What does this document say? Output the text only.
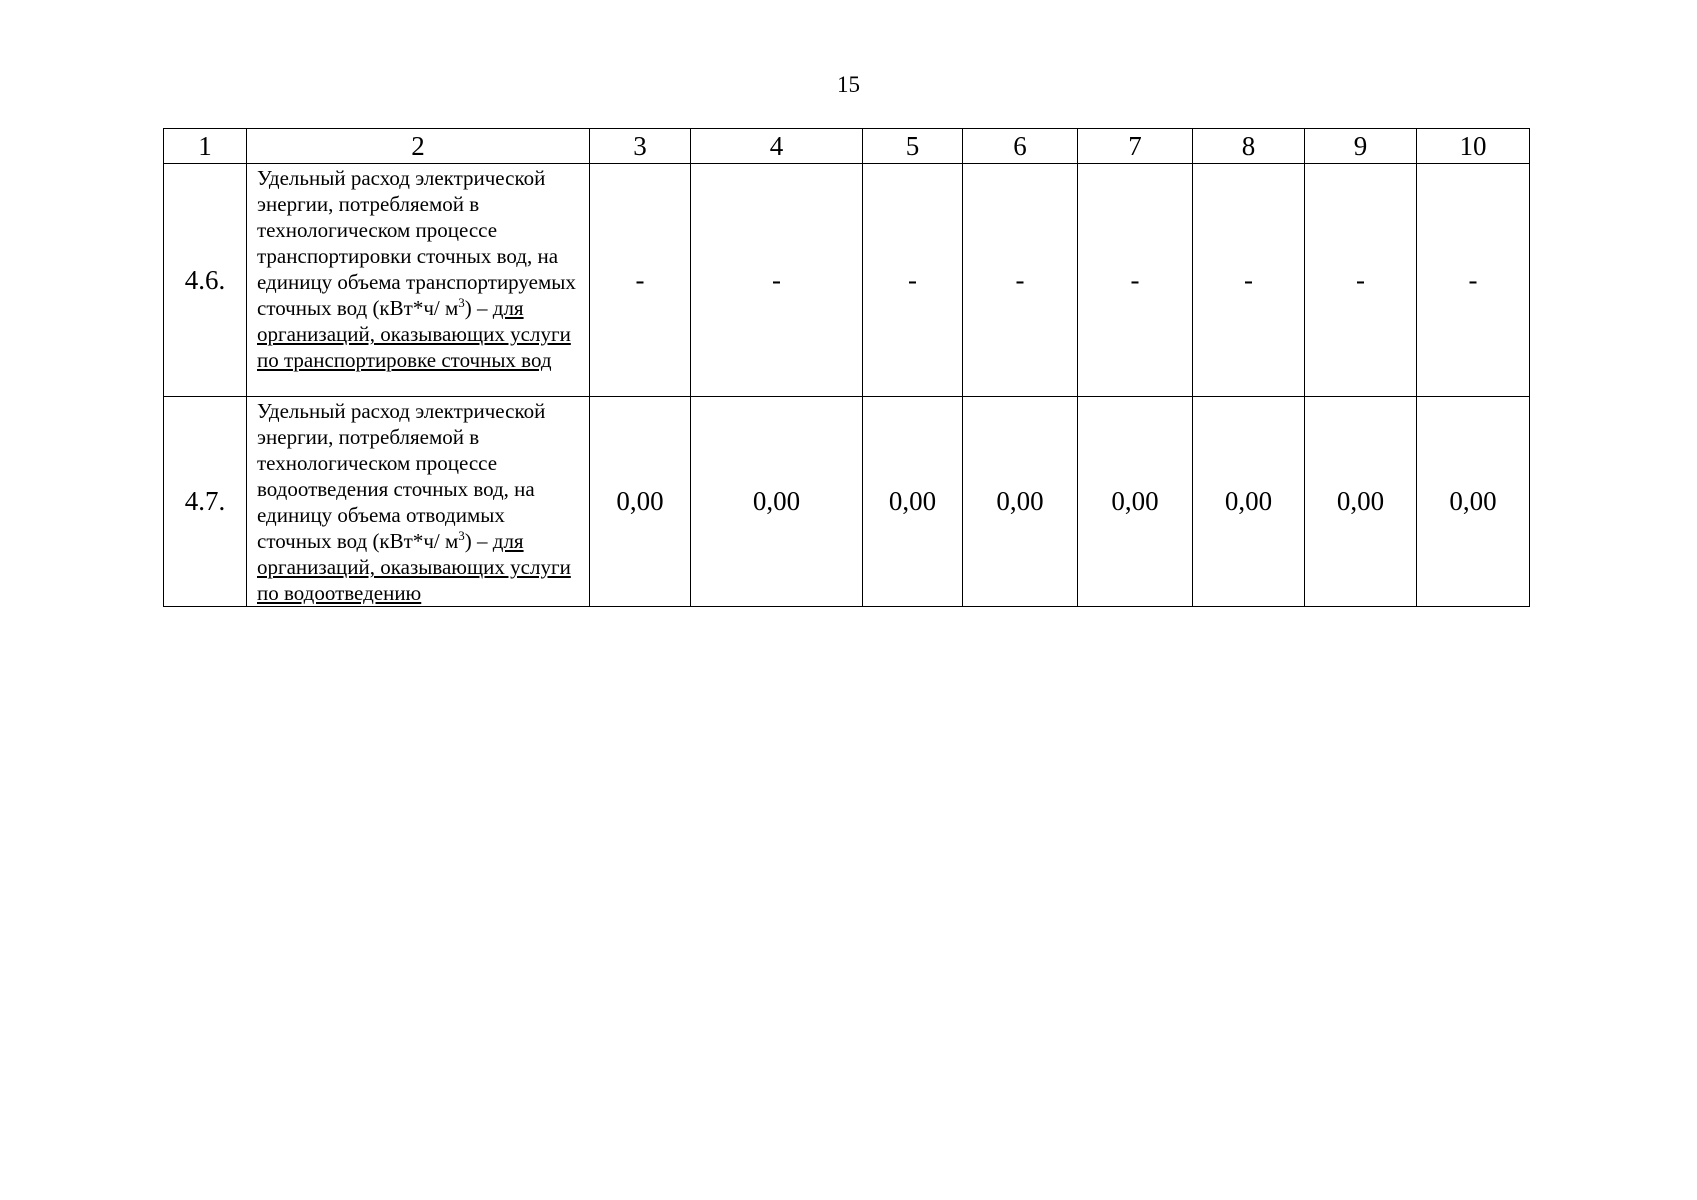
15
1	2	3	4	5	6	7	8	9	10
4.6.	Удельный расход электрической энергии, потребляемой в технологическом процессе транспортировки сточных вод, на единицу объема транспортируемых сточных вод (кВт*ч/ $м^3$) – для организаций, оказывающих услуги по транспортировке сточных вод	-	-	-	-	-	-	-	-
4.7.	Удельный расход электрической энергии, потребляемой в технологическом процессе водоотведения сточных вод, на единицу объема отводимых сточных вод (кВт*ч/ $м^3$) – для организаций, оказывающих услуги по водоотведению	0,00	0,00	0,00	0,00	0,00	0,00	0,00	0,00
